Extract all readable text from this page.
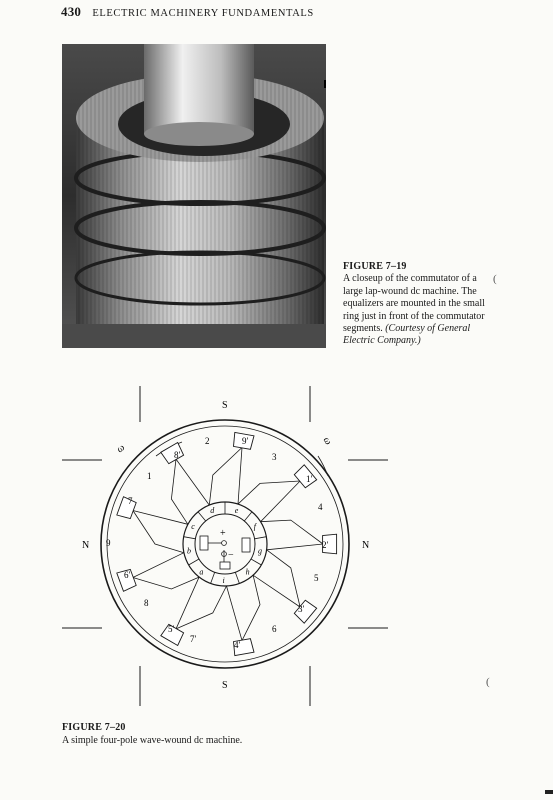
430 ELECTRIC MACHINERY FUNDAMENTALS
FIGURE 7–19
A closeup of the commutator of a large lap-wound dc machine. The equalizers are mounted in the small ring just in front of the commutator segments. (Courtesy of General Electric Company.)
a
b
c
d	e
f
g
h
i
+
−
S
S
N	N
ω
ω
1	1′
2
2′
3
3′
4
4′
5
5′	6
6′
7
7′
8
8′
9
9′
FIGURE 7–20
A simple four-pole wave-wound dc machine.
(
(
